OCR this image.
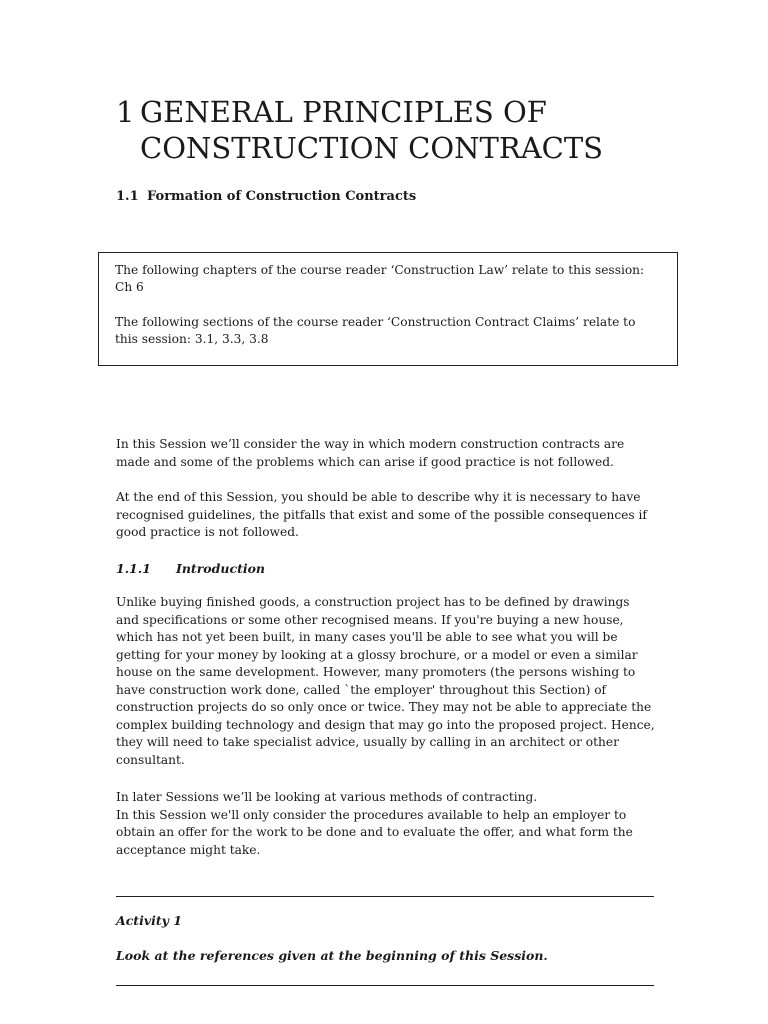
1 GENERAL PRINCIPLES OF
CONSTRUCTION CONTRACTS
1.1 Formation of Construction Contracts

The following chapters of the course reader ‘Construction Law’ relate to this session: Ch 6

The following sections of the course reader ‘Construction Contract Claims’ relate to this session: 3.1, 3.3, 3.8

In this Session we’ll consider the way in which modern construction contracts are made and some of the problems which can arise if good practice is not followed.

At the end of this Session, you should be able to describe why it is necessary to have recognised guidelines, the pitfalls that exist and some of the possible consequences if good practice is not followed.

1.1.1 Introduction

Unlike buying finished goods, a construction project has to be defined by drawings and specifications or some other recognised means. If you're buying a new house, which has not yet been built, in many cases you'll be able to see what you will be getting for your money by looking at a glossy brochure, or a model or even a similar house on the same development. However, many promoters (the persons wishing to have construction work done, called `the employer' throughout this Section) of construction projects do so only once or twice. They may not be able to appreciate the complex building technology and design that may go into the proposed project. Hence, they will need to take specialist advice, usually by calling in an architect or other consultant.

In later Sessions we’ll be looking at various methods of contracting.
In this Session we'll only consider the procedures available to help an employer to obtain an offer for the work to be done and to evaluate the offer, and what form the acceptance might take.

Activity 1

Look at the references given at the beginning of this Session.
